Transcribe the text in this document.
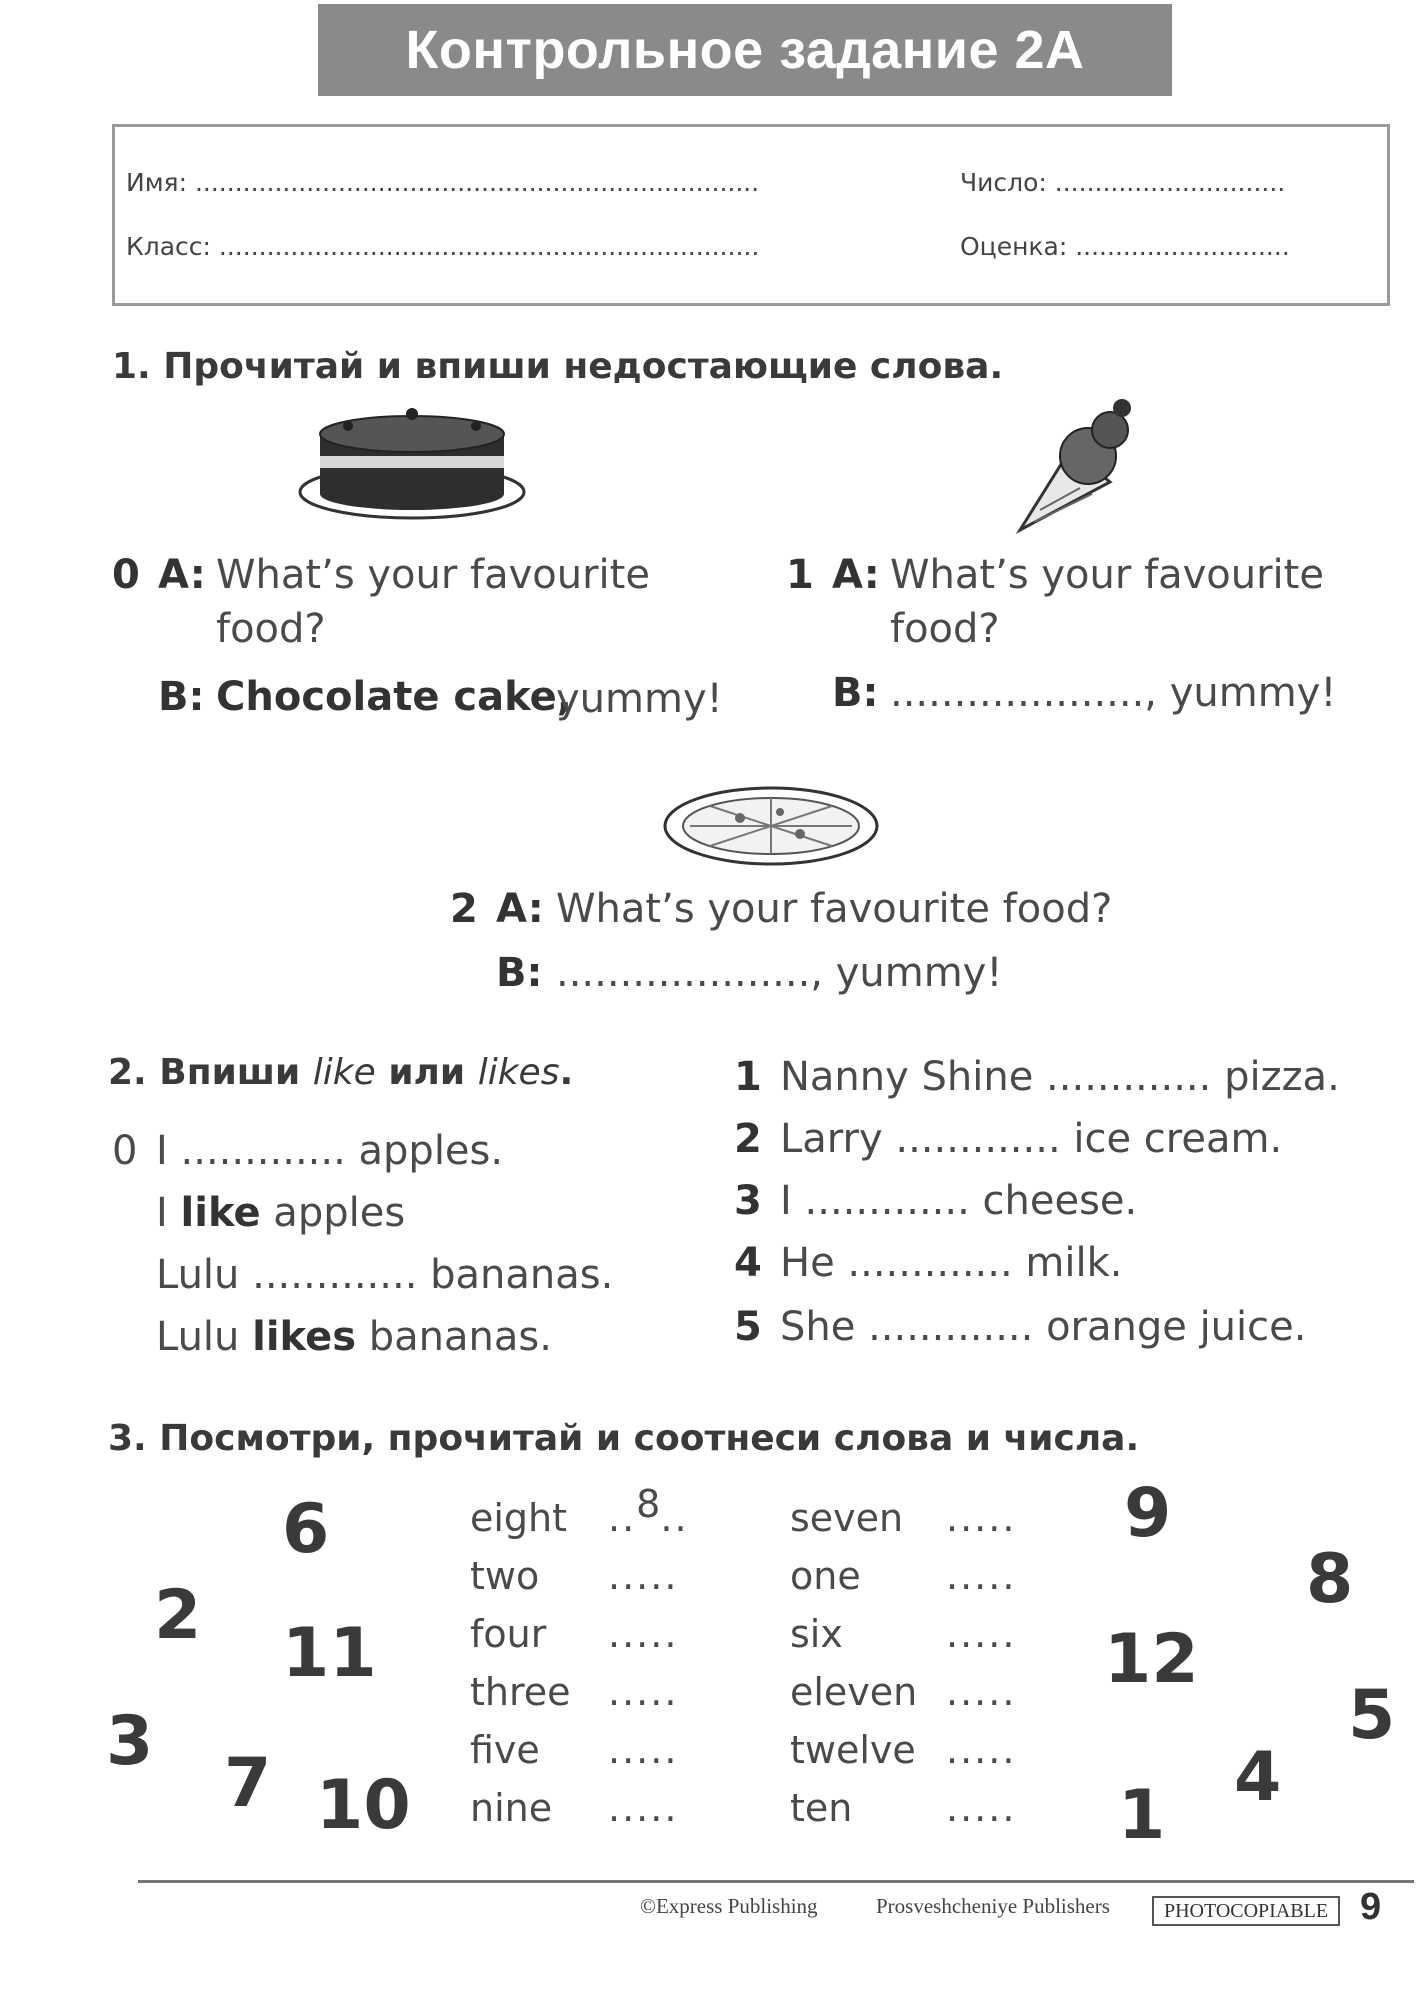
Контрольное задание 2A
Имя: .......................................................................	Число: .............................
Класс: ....................................................................	Оценка: ...........................
1. Прочитай и впиши недостающие слова.
0 A: What’s your favourite
food?
B: Chocolate cake,
yummy!
1 A: What’s your favourite
food?
B: ...................., yummy!
2 A: What’s your favourite food?
B: ...................., yummy!
2. Впиши like или likes.
0 I ............. apples.
I like apples
Lulu ............. bananas.
Lulu likes bananas.
1 Nanny Shine ............. pizza.
2 Larry ............. ice cream.
3 I ............. cheese.
4 He ............. milk.
5 She ............. orange juice.
3. Посмотри, прочитай и соотнеси слова и числа.
eight ..8..
two .....
four .....
three .....
five .....
nine .....
seven .....
one .....
six	.....
eleven .....
twelve .....
ten .....
6
2 11
3
7 10
9
8
12
5
4
1
©Express Publishing	Prosveshcheniye Publishers	PHOTOCOPIABLE 9
